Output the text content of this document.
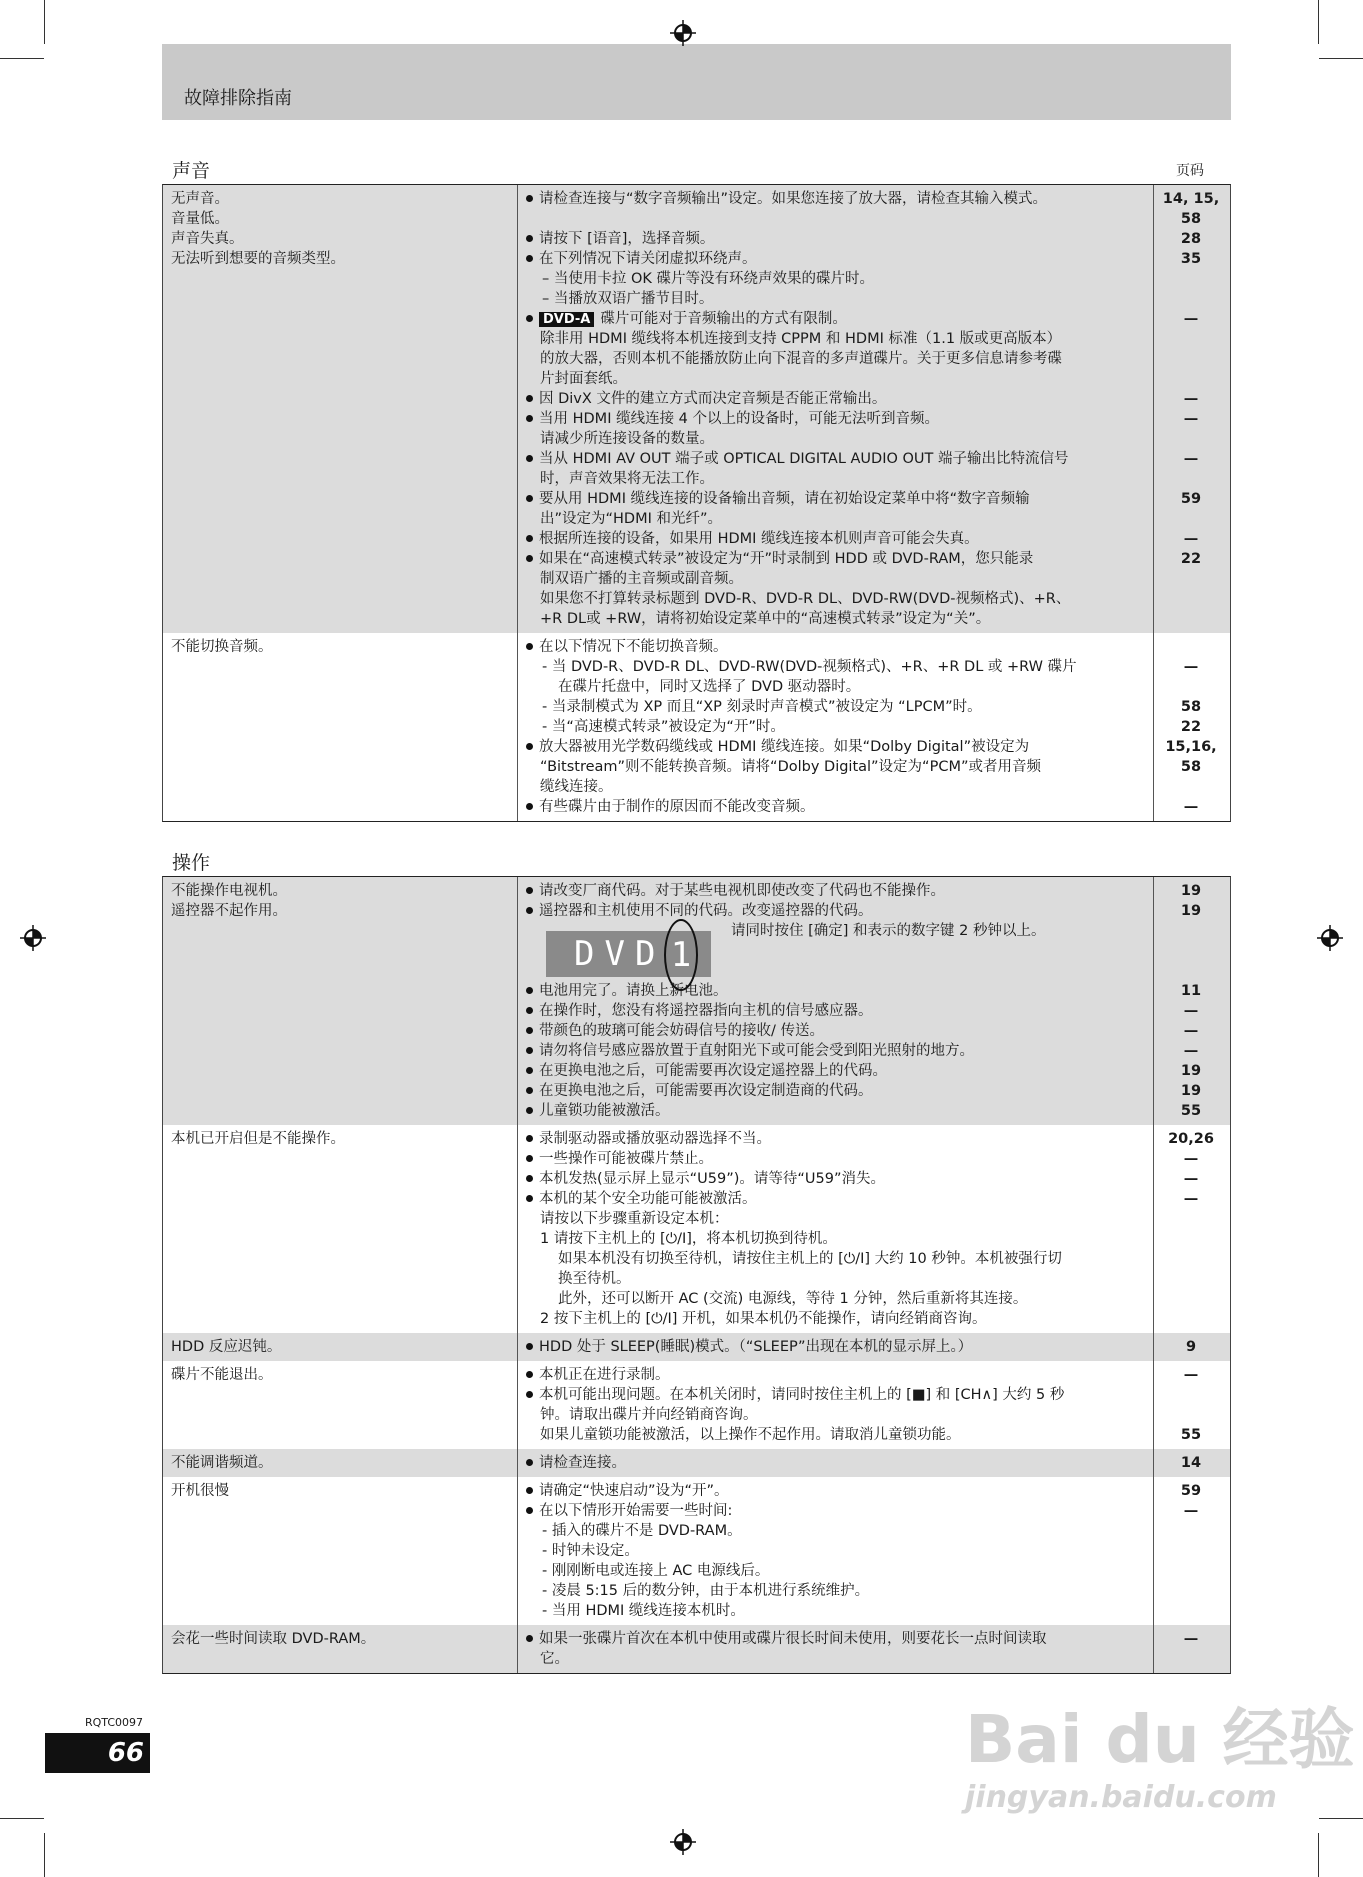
故障排除指南
声音	页码
无声音。
音量低。
声音失真。
无法听到想要的音频类型。
请检查连接与“数字音频输出”设定。如果您连接了放大器，请检查其输入模式。	14, 15,
58
请按下 [语音]，选择音频。	28
在下列情况下请关闭虚拟环绕声。	35
– 当使用卡拉 OK 碟片等没有环绕声效果的碟片时。
– 当播放双语广播节目时。
DVD-A 碟片可能对于音频输出的方式有限制。	—
除非用 HDMI 缆线将本机连接到支持 CPPM 和 HDMI 标准（1.1 版或更高版本）
的放大器，否则本机不能播放防止向下混音的多声道碟片。关于更多信息请参考碟
片封面套纸。
因 DivX 文件的建立方式而决定音频是否能正常输出。	—
当用 HDMI 缆线连接 4 个以上的设备时，可能无法听到音频。	—
请减少所连接设备的数量。
当从 HDMI AV OUT 端子或 OPTICAL DIGITAL AUDIO OUT 端子输出比特流信号	—
时，声音效果将无法工作。
要从用 HDMI 缆线连接的设备输出音频，请在初始设定菜单中将“数字音频输	59
出”设定为“HDMI 和光纤”。
根据所连接的设备，如果用 HDMI 缆线连接本机则声音可能会失真。	—
如果在“高速模式转录”被设定为“开”时录制到 HDD 或 DVD-RAM，您只能录	22
制双语广播的主音频或副音频。
如果您不打算转录标题到 DVD-R、DVD-R DL、DVD-RW(DVD-视频格式)、+R、
+R DL或 +RW，请将初始设定菜单中的“高速模式转录”设定为“关”。
不能切换音频。	在以下情况下不能切换音频。
- 当 DVD-R、DVD-R DL、DVD-RW(DVD-视频格式)、+R、+R DL 或 +RW 碟片	—
在碟片托盘中，同时又选择了 DVD 驱动器时。
- 当录制模式为 XP 而且“XP 刻录时声音模式”被设定为 “LPCM”时。	58
- 当“高速模式转录”被设定为“开”时。	22
放大器被用光学数码缆线或 HDMI 缆线连接。如果“Dolby Digital”被设定为	15,16,
“Bitstream”则不能转换音频。请将“Dolby Digital”设定为“PCM”或者用音频	58
缆线连接。
有些碟片由于制作的原因而不能改变音频。	—
操作
不能操作电视机。
遥控器不起作用。
请改变厂商代码。对于某些电视机即使改变了代码也不能操作。	19
遥控器和主机使用不同的代码。改变遥控器的代码。	19
DVD 1
请同时按住 [确定] 和表示的数字键 2 秒钟以上。
电池用完了。请换上新电池。	11
在操作时，您没有将遥控器指向主机的信号感应器。	—
带颜色的玻璃可能会妨碍信号的接收/ 传送。	—
请勿将信号感应器放置于直射阳光下或可能会受到阳光照射的地方。	—
在更换电池之后，可能需要再次设定遥控器上的代码。	19
在更换电池之后，可能需要再次设定制造商的代码。	19
儿童锁功能被激活。	55
本机已开启但是不能操作。	录制驱动器或播放驱动器选择不当。	20,26
一些操作可能被碟片禁止。	—
本机发热(显示屏上显示“U59”)。请等待“U59”消失。	—
本机的某个安全功能可能被激活。	—
请按以下步骤重新设定本机：
1 请按下主机上的 [⏻/I]，将本机切换到待机。
如果本机没有切换至待机，请按住主机上的 [⏻/I] 大约 10 秒钟。本机被强行切
换至待机。
此外，还可以断开 AC (交流) 电源线，等待 1 分钟，然后重新将其连接。
2 按下主机上的 [⏻/I] 开机，如果本机仍不能操作，请向经销商咨询。
HDD 反应迟钝。	HDD 处于 SLEEP(睡眠)模式。（“SLEEP”出现在本机的显示屏上。）	9
碟片不能退出。	本机正在进行录制。	—
本机可能出现问题。在本机关闭时，请同时按住主机上的 [■] 和 [CH∧] 大约 5 秒
钟。请取出碟片并向经销商咨询。
如果儿童锁功能被激活，以上操作不起作用。请取消儿童锁功能。	55
不能调谐频道。	请检查连接。	14
开机很慢	请确定“快速启动”设为“开”。	59
在以下情形开始需要一些时间:	—
- 插入的碟片不是 DVD-RAM。
- 时钟未设定。
- 刚刚断电或连接上 AC 电源线后。
- 凌晨 5:15 后的数分钟，由于本机进行系统维护。
- 当用 HDMI 缆线连接本机时。
会花一些时间读取 DVD-RAM。	如果一张碟片首次在本机中使用或碟片很长时间未使用，则要花长一点时间读取	—
它。
RQTC0097
66	Bai du 经验
jingyan.baidu.com
